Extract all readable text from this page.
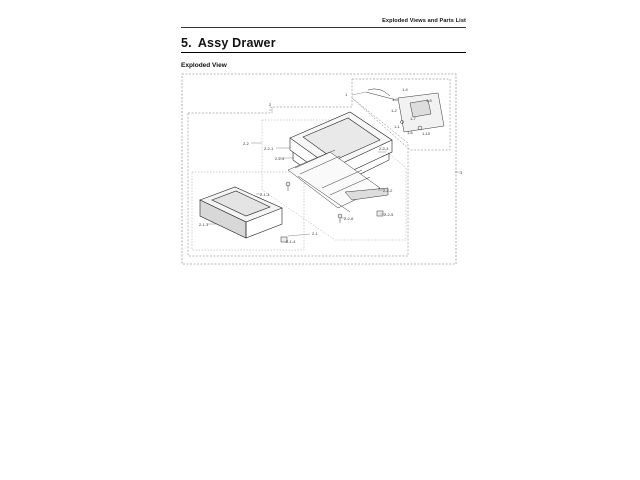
Exploded Views and Parts List
5. Assy Drawer
Exploded View
2
1
3
2-2
2-2-1
2-2-4
2-2-3
2-2-2
2-2-6
2-2-5
2-1-3
2-1-1
2-1-4
2-1
1-4
1-5
1-3
1-2
1-1
1-6 1-10
1-7
